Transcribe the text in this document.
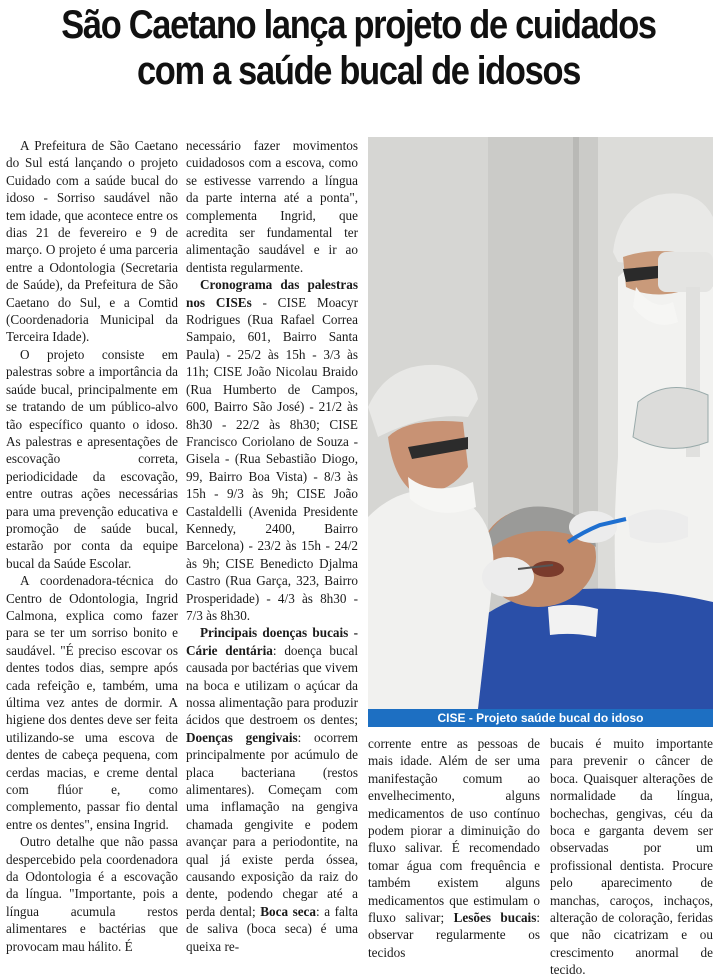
São Caetano lança projeto de cuidados
com a saúde bucal de idosos

A Prefeitura de São Caetano do Sul está lançando o projeto Cuidado com a saúde bucal do idoso - Sorriso saudável não tem idade, que acontece entre os dias 21 de fevereiro e 9 de março. O projeto é uma parceria entre a Odontologia (Secretaria de Saúde), da Prefeitura de São Caetano do Sul, e a Comtid (Coordenadoria Municipal da Terceira Idade).

O projeto consiste em palestras sobre a importância da saúde bucal, principalmente em se tratando de um público-alvo tão específico quanto o idoso. As palestras e apresentações de escovação correta, periodicidade da escovação, entre outras ações necessárias para uma prevenção educativa e promoção de saúde bucal, estarão por conta da equipe bucal da Saúde Escolar.

A coordenadora-técnica do Centro de Odontologia, Ingrid Calmona, explica como fazer para se ter um sorriso bonito e saudável. "É preciso escovar os dentes todos dias, sempre após cada refeição e, também, uma última vez antes de dormir. A higiene dos dentes deve ser feita utilizando-se uma escova de dentes de cabeça pequena, com cerdas macias, e creme dental com flúor e, como complemento, passar fio dental entre os dentes", ensina Ingrid.

Outro detalhe que não passa despercebido pela coordenadora da Odontologia é a escovação da língua. "Importante, pois a língua acumula restos alimentares e bactérias que provocam mau hálito. É

necessário fazer movimentos cuidadosos com a escova, como se estivesse varrendo a língua da parte interna até a ponta", complementa Ingrid, que acredita ser fundamental ter alimentação saudável e ir ao dentista regularmente.

Cronograma das palestras nos CISEs - CISE Moacyr Rodrigues (Rua Rafael Correa Sampaio, 601, Bairro Santa Paula) - 25/2 às 15h - 3/3 às 11h; CISE João Nicolau Braido (Rua Humberto de Campos, 600, Bairro São José) - 21/2 às 8h30 - 22/2 às 8h30; CISE Francisco Coriolano de Souza - Gisela - (Rua Sebastião Diogo, 99, Bairro Boa Vista) - 8/3 às 15h - 9/3 às 9h; CISE João Castaldelli (Avenida Presidente Kennedy, 2400, Bairro Barcelona) - 23/2 às 15h - 24/2 às 9h; CISE Benedicto Djalma Castro (Rua Garça, 323, Bairro Prosperidade) - 4/3 às 8h30 - 7/3 às 8h30.

Principais doenças bucais - Cárie dentária: doença bucal causada por bactérias que vivem na boca e utilizam o açúcar da nossa alimentação para produzir ácidos que destroem os dentes; Doenças gengivais: ocorrem principalmente por acúmulo de placa bacteriana (restos alimentares). Começam com uma inflamação na gengiva chamada gengivite e podem avançar para a periodontite, na qual já existe perda óssea, causando exposição da raiz do dente, podendo chegar até a perda dental; Boca seca: a falta de saliva (boca seca) é uma queixa re-

CISE - Projeto saúde bucal do idoso

corrente entre as pessoas de mais idade. Além de ser uma manifestação comum ao envelhecimento, alguns medicamentos de uso contínuo podem piorar a diminuição do fluxo salivar. É recomendado tomar água com frequência e também existem alguns medicamentos que estimulam o fluxo salivar; Lesões bucais: observar regularmente os tecidos

bucais é muito importante para prevenir o câncer de boca. Quaisquer alterações de normalidade da língua, bochechas, gengivas, céu da boca e garganta devem ser observadas por um profissional dentista. Procure pelo aparecimento de manchas, caroços, inchaços, alteração de coloração, feridas que não cicatrizam e ou crescimento anormal de tecido.
